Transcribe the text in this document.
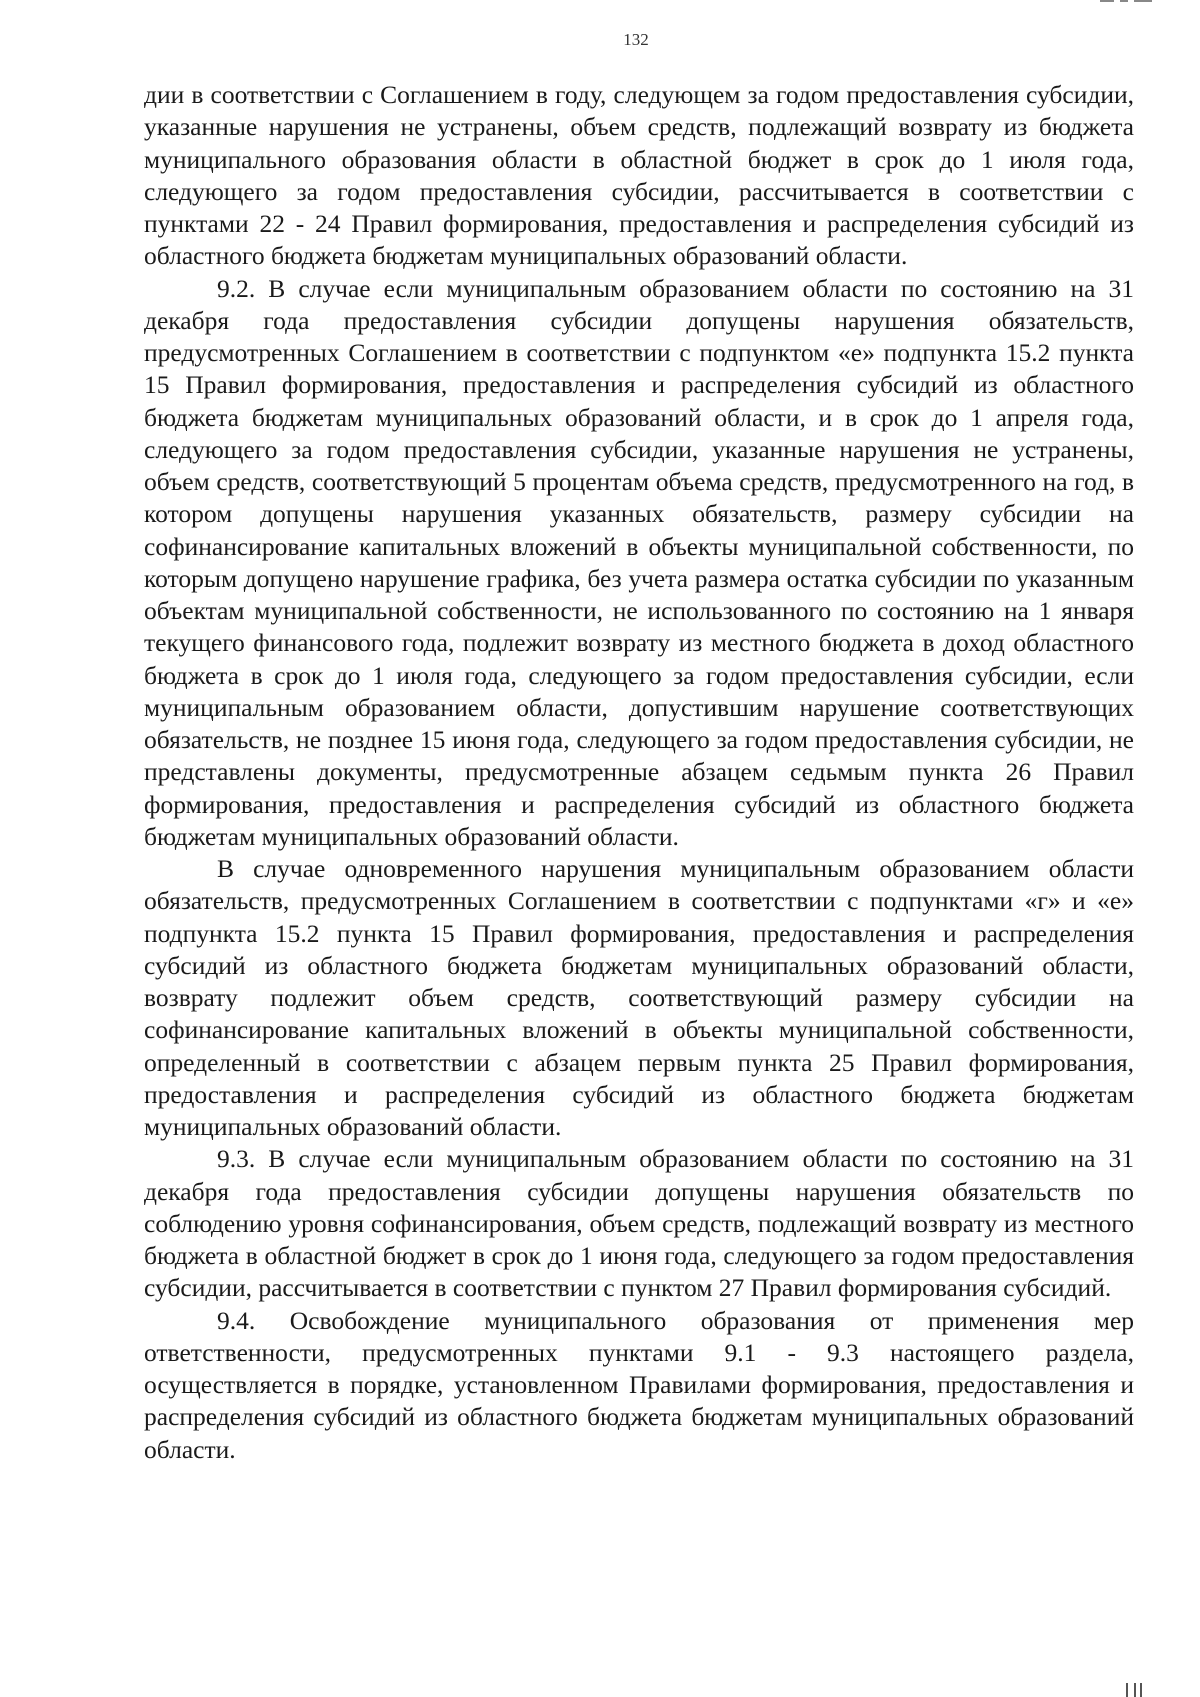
132

дии в соответствии с Соглашением в году, следующем за годом предоставления субсидии, указанные нарушения не устранены, объем средств, подлежащий возврату из бюджета муниципального образования области в областной бюджет в срок до 1 июля года, следующего за годом предоставления субсидии, рассчитывается в соответствии с пунктами 22 - 24 Правил формирования, предоставления и распределения субсидий из областного бюджета бюджетам муниципальных образований области.

9.2. В случае если муниципальным образованием области по состоянию на 31 декабря года предоставления субсидии допущены нарушения обязательств, предусмотренных Соглашением в соответствии с подпунктом «е» подпункта 15.2 пункта 15 Правил формирования, предоставления и распределения субсидий из областного бюджета бюджетам муниципальных образований области, и в срок до 1 апреля года, следующего за годом предоставления субсидии, указанные нарушения не устранены, объем средств, соответствующий 5 процентам объема средств, предусмотренного на год, в котором допущены нарушения указанных обязательств, размеру субсидии на софинансирование капитальных вложений в объекты муниципальной собственности, по которым допущено нарушение графика, без учета размера остатка субсидии по указанным объектам муниципальной собственности, не использованного по состоянию на 1 января текущего финансового года, подлежит возврату из местного бюджета в доход областного бюджета в срок до 1 июля года, следующего за годом предоставления субсидии, если муниципальным образованием области, допустившим нарушение соответствующих обязательств, не позднее 15 июня года, следующего за годом предоставления субсидии, не представлены документы, предусмотренные абзацем седьмым пункта 26 Правил формирования, предоставления и распределения субсидий из областного бюджета бюджетам муниципальных образований области.

В случае одновременного нарушения муниципальным образованием области обязательств, предусмотренных Соглашением в соответствии с подпунктами «г» и «е» подпункта 15.2 пункта 15 Правил формирования, предоставления и распределения субсидий из областного бюджета бюджетам муниципальных образований области, возврату подлежит объем средств, соответствующий размеру субсидии на софинансирование капитальных вложений в объекты муниципальной собственности, определенный в соответствии с абзацем первым пункта 25 Правил формирования, предоставления и распределения субсидий из областного бюджета бюджетам муниципальных образований области.

9.3. В случае если муниципальным образованием области по состоянию на 31 декабря года предоставления субсидии допущены нарушения обязательств по соблюдению уровня софинансирования, объем средств, подлежащий возврату из местного бюджета в областной бюджет в срок до 1 июня года, следующего за годом предоставления субсидии, рассчитывается в соответствии с пунктом 27 Правил формирования субсидий.

9.4. Освобождение муниципального образования от применения мер ответственности, предусмотренных пунктами 9.1 - 9.3 настоящего раздела, осуществляется в порядке, установленном Правилами формирования, предоставления и распределения субсидий из областного бюджета бюджетам муниципальных образований области.
